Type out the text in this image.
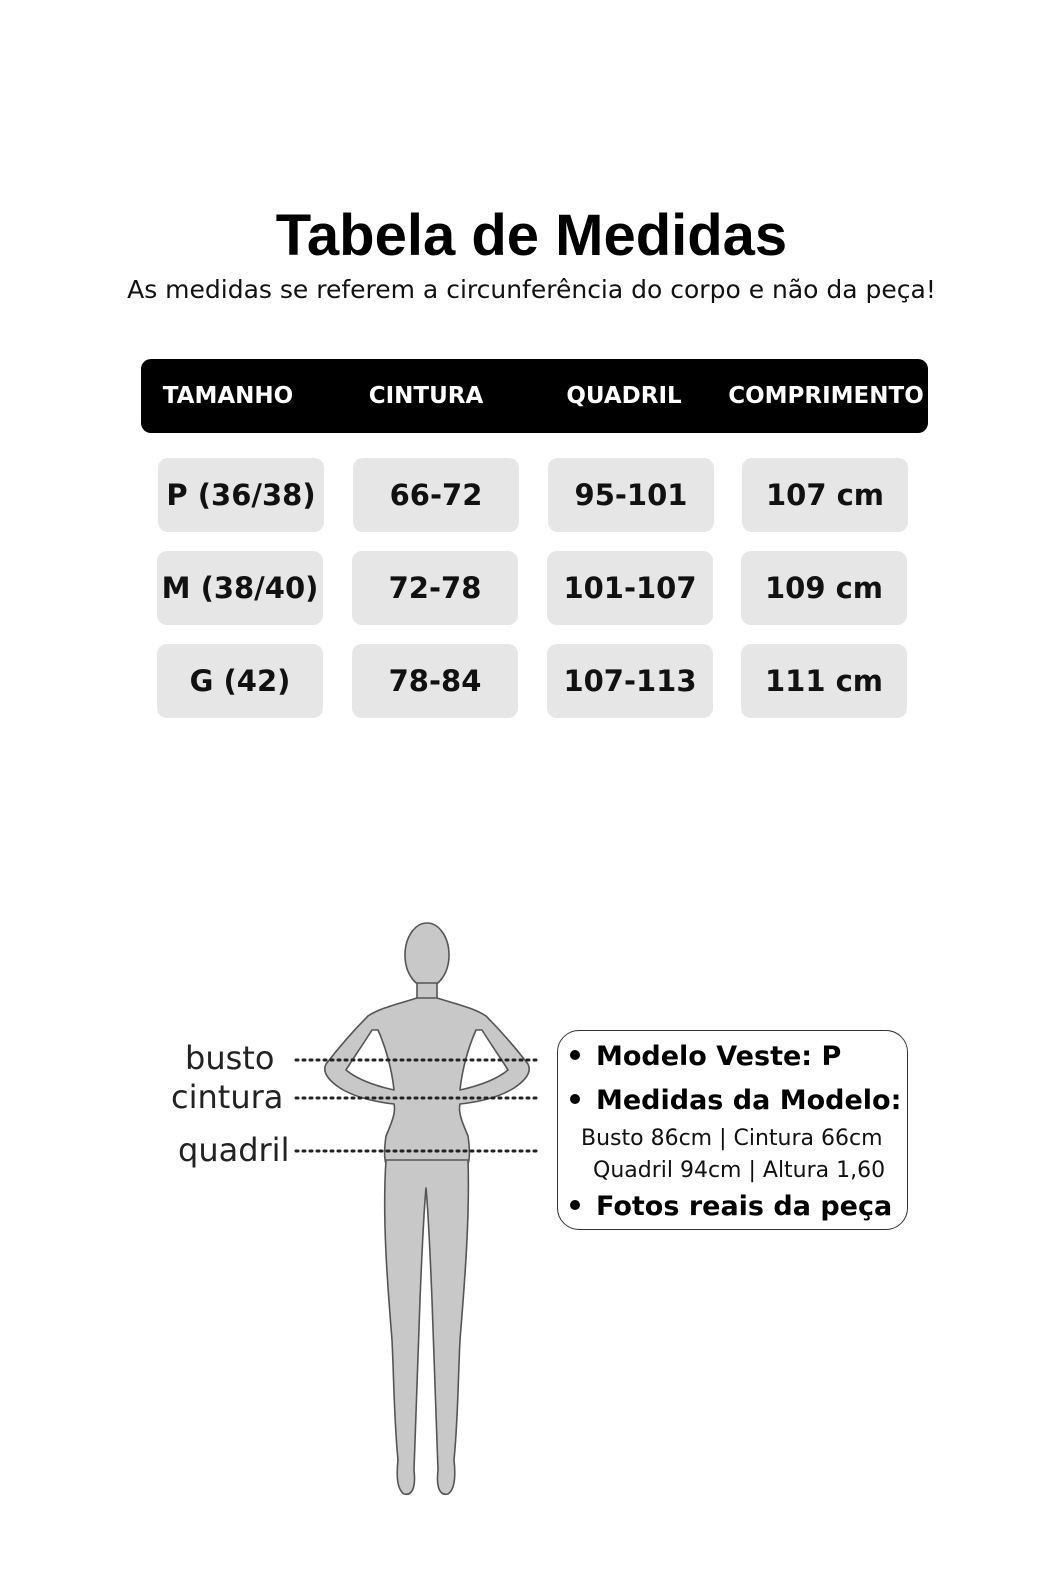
Tabela de Medidas
As medidas se referem a circunferência do corpo e não da peça!
TAMANHO	CINTURA	QUADRIL	COMPRIMENTO
P (36/38)	66-72	95-101	107 cm
M (38/40)	72-78	101-107	109 cm
G (42)	78-84	107-113	111 cm
busto
cintura
quadril
Modelo Veste: P
Medidas da Modelo:
Busto 86cm | Cintura 66cm
Quadril 94cm | Altura 1,60
Fotos reais da peça
